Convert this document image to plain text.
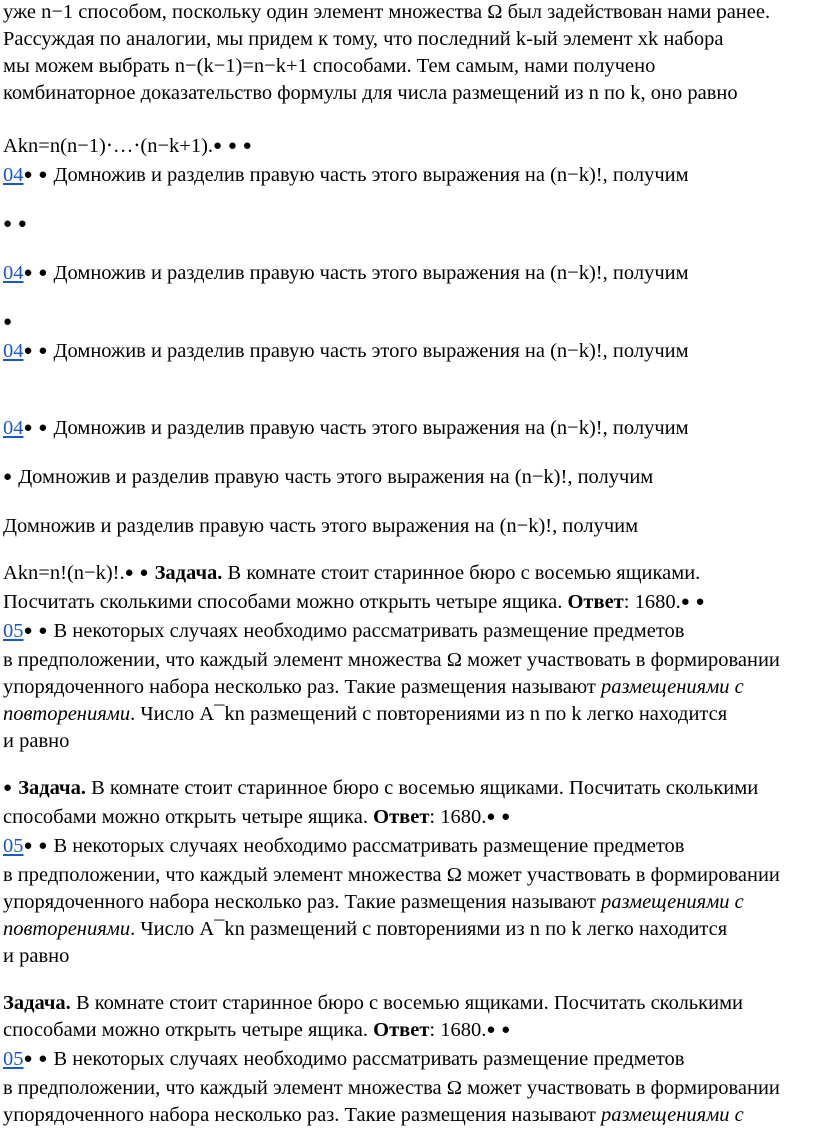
уже n−1 способом, поскольку один элемент множества Ω был задействован нами ранее.

Рассуждая по аналогии, мы придем к тому, что последний k-ый элемент xk набора

мы можем выбрать n−(k−1)=n−k+1 способами. Тем самым, нами получено

комбинаторное доказательство формулы для числа размещений из n по k, оно равно

Akn=n(n−1)⋅…⋅(n−k+1).● ● ●

04● ● Домножив и разделив правую часть этого выражения на (n−k)!, получим

● ●

04● ● Домножив и разделив правую часть этого выражения на (n−k)!, получим

●

04● ● Домножив и разделив правую часть этого выражения на (n−k)!, получим

04● ● Домножив и разделив правую часть этого выражения на (n−k)!, получим

● Домножив и разделив правую часть этого выражения на (n−k)!, получим

Домножив и разделив правую часть этого выражения на (n−k)!, получим

Akn=n!(n−k)!.● ● Задача. В комнате стоит старинное бюро с восемью ящиками.

Посчитать сколькими способами можно открыть четыре ящика. Ответ: 1680.● ●

05● ● В некоторых случаях необходимо рассматривать размещение предметов

в предположении, что каждый элемент множества Ω может участвовать в формировании

упорядоченного набора несколько раз. Такие размещения называют размещениями с

повторениями. Число A¯kn размещений с повторениями из n по k легко находится

и равно

● Задача. В комнате стоит старинное бюро с восемью ящиками. Посчитать сколькими

способами можно открыть четыре ящика. Ответ: 1680.● ●

05● ● В некоторых случаях необходимо рассматривать размещение предметов

в предположении, что каждый элемент множества Ω может участвовать в формировании

упорядоченного набора несколько раз. Такие размещения называют размещениями с

повторениями. Число A¯kn размещений с повторениями из n по k легко находится

и равно

Задача. В комнате стоит старинное бюро с восемью ящиками. Посчитать сколькими

способами можно открыть четыре ящика. Ответ: 1680.● ●

05● ● В некоторых случаях необходимо рассматривать размещение предметов

в предположении, что каждый элемент множества Ω может участвовать в формировании

упорядоченного набора несколько раз. Такие размещения называют размещениями с
